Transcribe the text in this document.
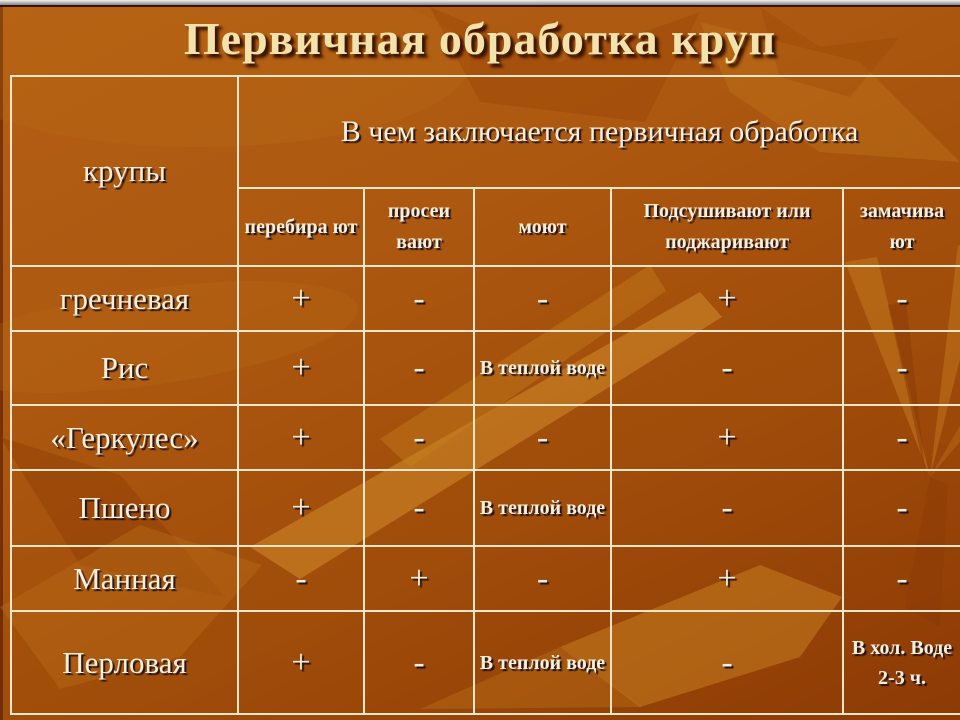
Первичная обработка круп
крупы	В чем заключается первичная обработка				
	перебира ют	просеи вают	моют	Подсушивают или поджаривают	замачива ют
гречневая	+	-	-	+	-
Рис	+	-	В теплой воде	-	-
«Геркулес»	+	-	-	+	-
Пшено	+	-	В теплой воде	-	-
Манная	-	+	-	+	-
Перловая	+	-	В теплой воде	-	В хол. Воде 2-3 ч.
